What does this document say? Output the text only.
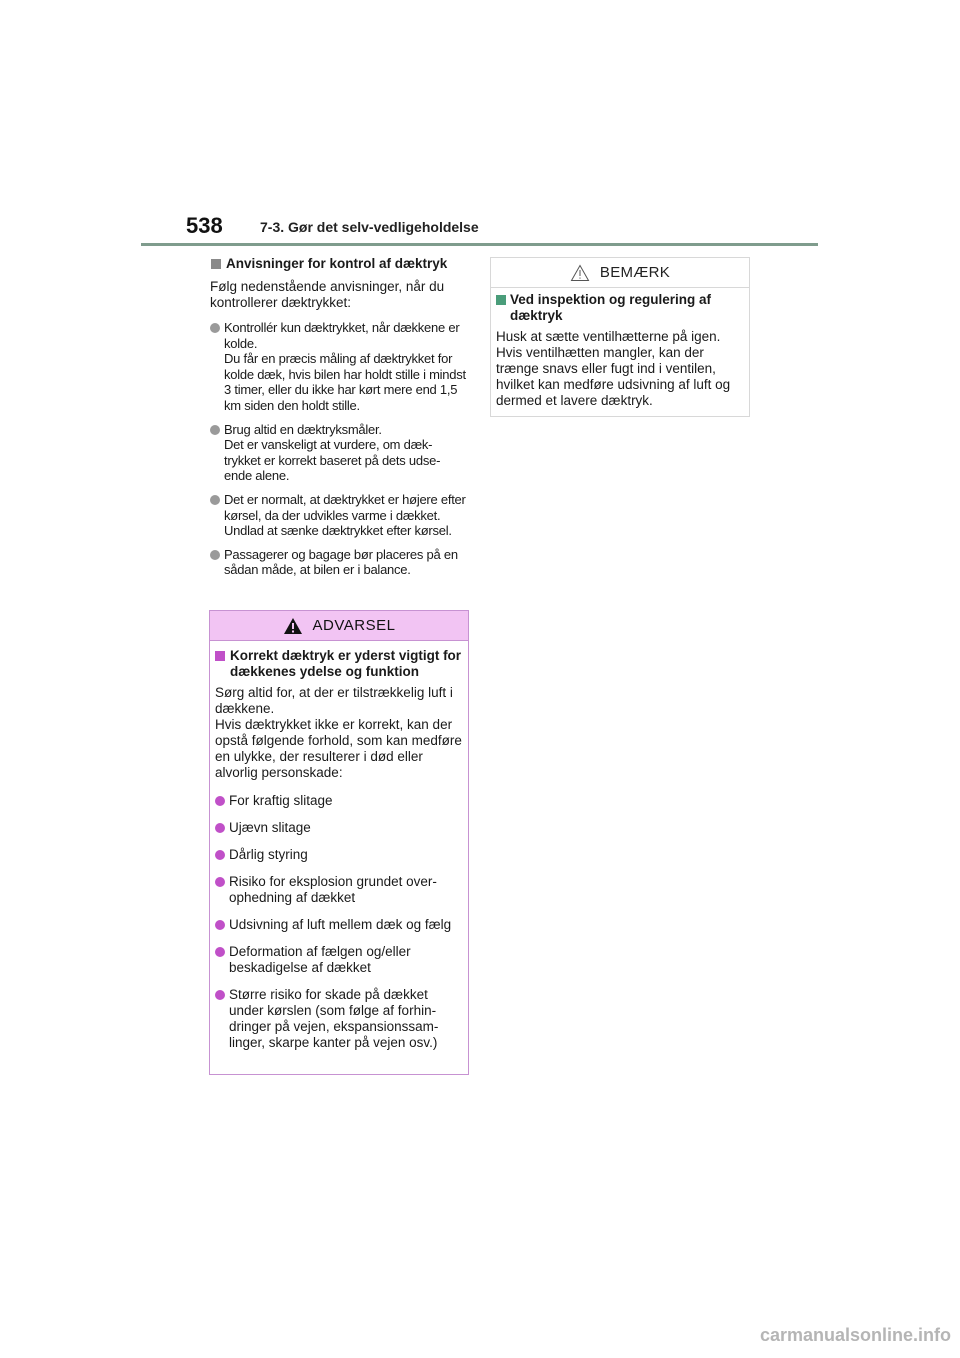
538	7-3. Gør det selv-vedligeholdelse
Anvisninger for kontrol af dæktryk
Følg nedenstående anvisninger, når du kontrollerer dæktrykket:
Kontrollér kun dæktrykket, når dækkene er kolde.
Du får en præcis måling af dæktrykket for kolde dæk, hvis bilen har holdt stille i mindst 3 timer, eller du ikke har kørt mere end 1,5 km siden den holdt stille.
Brug altid en dæktryksmåler.
Det er vanskeligt at vurdere, om dæk-trykket er korrekt baseret på dets udse-ende alene.
Det er normalt, at dæktrykket er højere efter kørsel, da der udvikles varme i dækket. Undlad at sænke dæktrykket efter kørsel.
Passagerer og bagage bør placeres på en sådan måde, at bilen er i balance.
ADVARSEL
Korrekt dæktryk er yderst vigtigt for dækkenes ydelse og funktion
Sørg altid for, at der er tilstrækkelig luft i dækkene.
Hvis dæktrykket ikke er korrekt, kan der opstå følgende forhold, som kan medføre en ulykke, der resulterer i død eller alvorlig personskade:
For kraftig slitage
Ujævn slitage
Dårlig styring
Risiko for eksplosion grundet over-ophedning af dækket
Udsivning af luft mellem dæk og fælg
Deformation af fælgen og/eller beskadigelse af dækket
Større risiko for skade på dækket under kørslen (som følge af forhin-dringer på vejen, ekspansionssam-linger, skarpe kanter på vejen osv.)
BEMÆRK
Ved inspektion og regulering af dæktryk
Husk at sætte ventilhætterne på igen. Hvis ventilhætten mangler, kan der trænge snavs eller fugt ind i ventilen, hvilket kan medføre udsivning af luft og dermed et lavere dæktryk.
carmanualsonline.info
